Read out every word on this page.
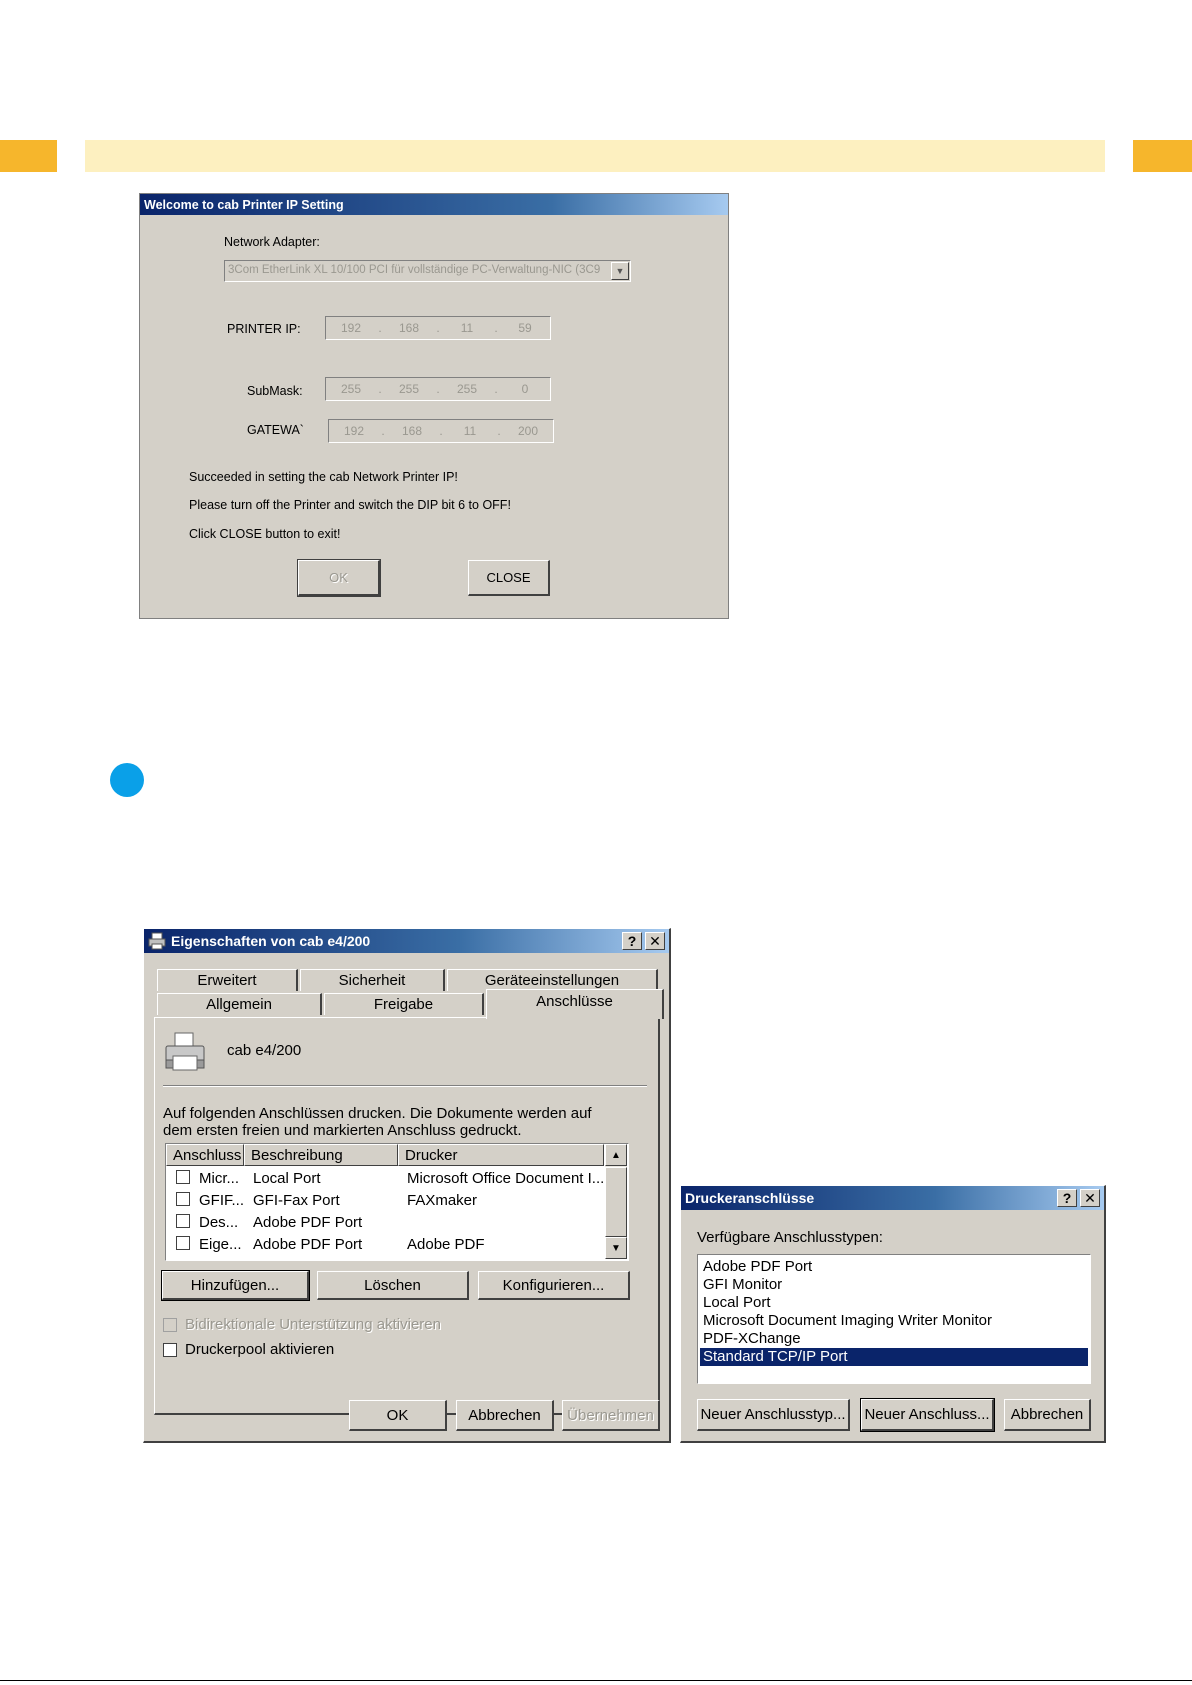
Welcome to cab Printer IP Setting
Network Adapter:
3Com EtherLink XL 10/100 PCI für vollständige PC-Verwaltung-NIC (3C9	▼
PRINTER IP:	192	.	168	.	11	.	59
SubMask:	255	.	255	.	255	.	0
GATEWA`	192	.	168	.	11	.	200
Succeeded in setting the cab Network Printer IP!
Please turn off the Printer and switch the DIP bit 6 to OFF!
Click CLOSE button to exit!
OK	CLOSE
Eigenschaften von cab e4/200	? ✕
Erweitert	Sicherheit	Geräteeinstellungen
Allgemein	Freigabe	Anschlüsse
cab e4/200
Auf folgenden Anschlüssen drucken. Die Dokumente werden auf
dem ersten freien und markierten Anschluss gedruckt.
Anschluss Beschreibung	Drucker
Micr... Local Port	Microsoft Office Document I...
GFIF... GFI-Fax Port	FAXmaker
Des... Adobe PDF Port
Eige... Adobe PDF Port	Adobe PDF
▲
▼
Hinzufügen...	Löschen	Konfigurieren...
Bidirektionale Unterstützung aktivieren
Druckerpool aktivieren
OK	Abbrechen	Übernehmen
Druckeranschlüsse	? ✕
Verfügbare Anschlusstypen:
Adobe PDF Port
GFI Monitor
Local Port
Microsoft Document Imaging Writer Monitor
PDF-XChange
Standard TCP/IP Port
Neuer Anschlusstyp... Neuer Anschluss...	Abbrechen
